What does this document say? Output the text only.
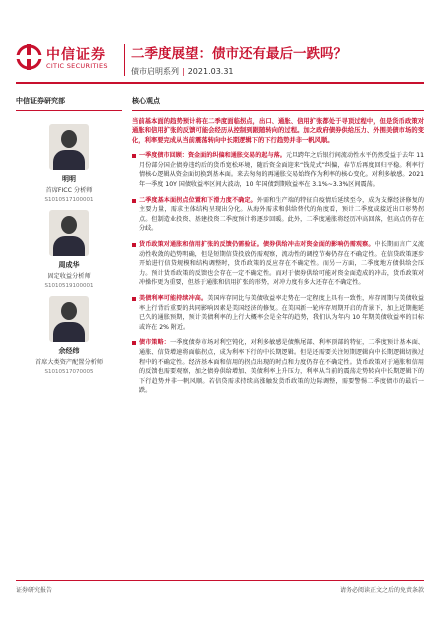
中信证券
CITIC SECURITIES
二季度展望：债市还有最后一跌吗？
债市启明系列 | 2021.03.31
中信证券研究部
明明
首席FICC 分析师
S1010517100001
周成华
固定收益分析师
S1010519100001
余经纬
首席大类资产配置分析师
S1010517070005
核心观点
当前基本面的趋势预计将在二季度面临拐点，出口、通胀、信用扩张都处于寻顶过程中，但是货币政策对通胀和信用扩张的反馈可能会经历从控制到跟随转向的过程。加之政府债券供给压力、外围美债市场的变化，利率要完成从当前震荡转向中长期逻辑下的下行趋势并非一帆风顺。
一季度债市回顾：资金面的纠偏和通胀交易的起与落。元旦跨年之后银行间流动性水平仍然受益于去年 11 月份部分国企债券违约后的货币宽松环境，随后资金面迎来“钱荒式”纠偏，春节后再度回归平稳。利率行情核心逻辑从资金面切换到基本面。来去匆匆的再通胀交易始终作为利率的核心变化。对利多敏感。2021 年一季度 10Y 国债收益率区间大波动，10 年国债到期收益率在 3.1%~3.3%区间震荡。
二季度基本面拐点位置和下滑力度不确定。外需和生产端的特征自疫情后延续至今，成为支撑经济修复的主要力量，需求主体结构呈现出分化。从海外需求和供给替代的角度看，预计二季度或接近出口彰势拐点。但制造业投资、基建投资二季度预计将逐步回暖。此外，二季度通胀将经历冲高回落，但高点仍存在分歧。
货币政策对通胀和信用扩张的反馈仍需验证。债券供给冲击对资金面的影响仍需观察。中长期而言广义流动性收敛的趋势明确，但是短期信贷投放仍需观察，流动性的调控节奏仍存在不确定性。在信贷政策逐步开始进行信贷规模和结构调整时，货币政策的反应存在不确定性。而另一方面，二季度地方债供给会压力。预计货币政策的反馈也会存在一定不确定性。而对于债券供给可能对资金面造成的冲击，货币政策对冲操作更为重要，但基于通胀和信用扩张的形势，对冲力度有多大还存在不确定性。
美债利率可能持续冲高。美国库存同比与美债收益率走势在一定程度上具有一致性，库存周期与美债收益率上行背后重要的共同影响因素是美国经济的修复。在美国新一轮库存周期开启的背景下，加上近期拖延已久的通胀预期，预计美债利率的上行大概率会是全年的趋势，我们认为年内 10 年期美债收益率的目标或许在 2% 附近。
债市策略：一季度债券市场对利空钝化，对利多敏感是债熊尾部、利率顶部的特征，二季度预计基本面、通胀、信贷增速将面临拐点，成为利率下行的中长期逻辑。但是还需要关注短期逻辑向中长期逻辑切换过程中的不确定性。经济基本面和信用的拐点出现的时点和力度仍存在不确定性。货币政策对于通胀和信用的反馈也需要观察，加之债券供给增加、美债利率上升压力，利率从当前的震荡走势转向中长期逻辑下的下行趋势并非一帆风顺。若信贷需求持续高涨触发货币政策的边际调整，需要警惕二季度债市的最后一跌。
证券研究报告	请务必阅读正文之后的免责条款
